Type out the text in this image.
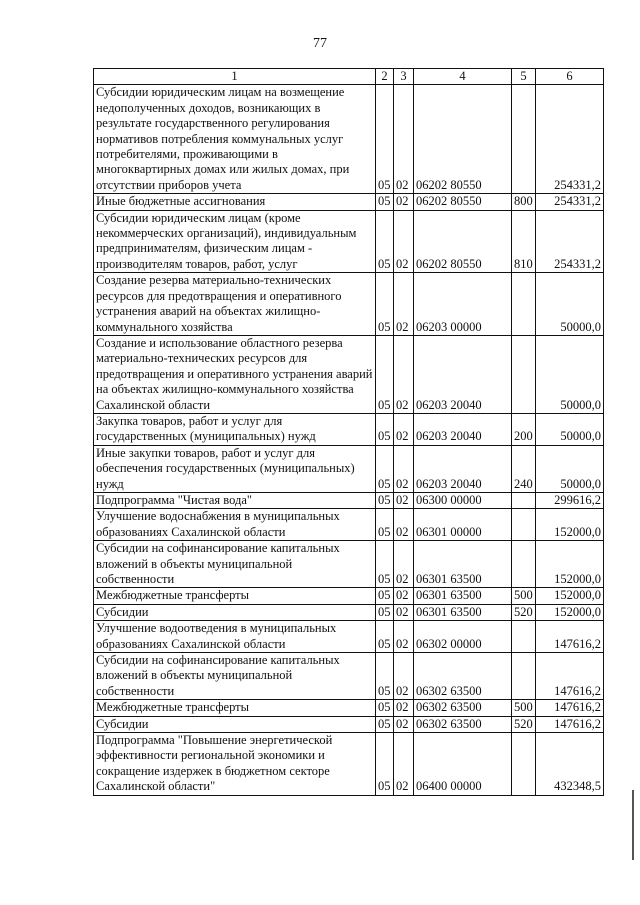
77
1	2	3	4	5	6
Субсидии юридическим лицам на возмещение недополученных доходов, возникающих в результате государственного регулирования нормативов потребления коммунальных услуг потребителями, проживающими в многоквартирных домах или жилых домах, при отсутствии приборов учета	05	02	06202 80550		254331,2
Иные бюджетные ассигнования	05	02	06202 80550	800	254331,2
Субсидии юридическим лицам (кроме некоммерческих организаций), индивидуальным предпринимателям, физическим лицам - производителям товаров, работ, услуг	05	02	06202 80550	810	254331,2
Создание резерва материально-технических ресурсов для предотвращения и оперативного устранения аварий на объектах жилищно-коммунального хозяйства	05	02	06203 00000		50000,0
Создание и использование областного резерва материально-технических ресурсов для предотвращения и оперативного устранения аварий на объектах жилищно-коммунального хозяйства Сахалинской области	05	02	06203 20040		50000,0
Закупка товаров, работ и услуг для государственных (муниципальных) нужд	05	02	06203 20040	200	50000,0
Иные закупки товаров, работ и услуг для обеспечения государственных (муниципальных) нужд	05	02	06203 20040	240	50000,0
Подпрограмма "Чистая вода"	05	02	06300 00000		299616,2
Улучшение водоснабжения в муниципальных образованиях Сахалинской области	05	02	06301 00000		152000,0
Субсидии на софинансирование капитальных вложений в объекты муниципальной собственности	05	02	06301 63500		152000,0
Межбюджетные трансферты	05	02	06301 63500	500	152000,0
Субсидии	05	02	06301 63500	520	152000,0
Улучшение водоотведения в муниципальных образованиях Сахалинской области	05	02	06302 00000		147616,2
Субсидии на софинансирование капитальных вложений в объекты муниципальной собственности	05	02	06302 63500		147616,2
Межбюджетные трансферты	05	02	06302 63500	500	147616,2
Субсидии	05	02	06302 63500	520	147616,2
Подпрограмма "Повышение энергетической эффективности региональной экономики и сокращение издержек в бюджетном секторе Сахалинской области"	05	02	06400 00000		432348,5
